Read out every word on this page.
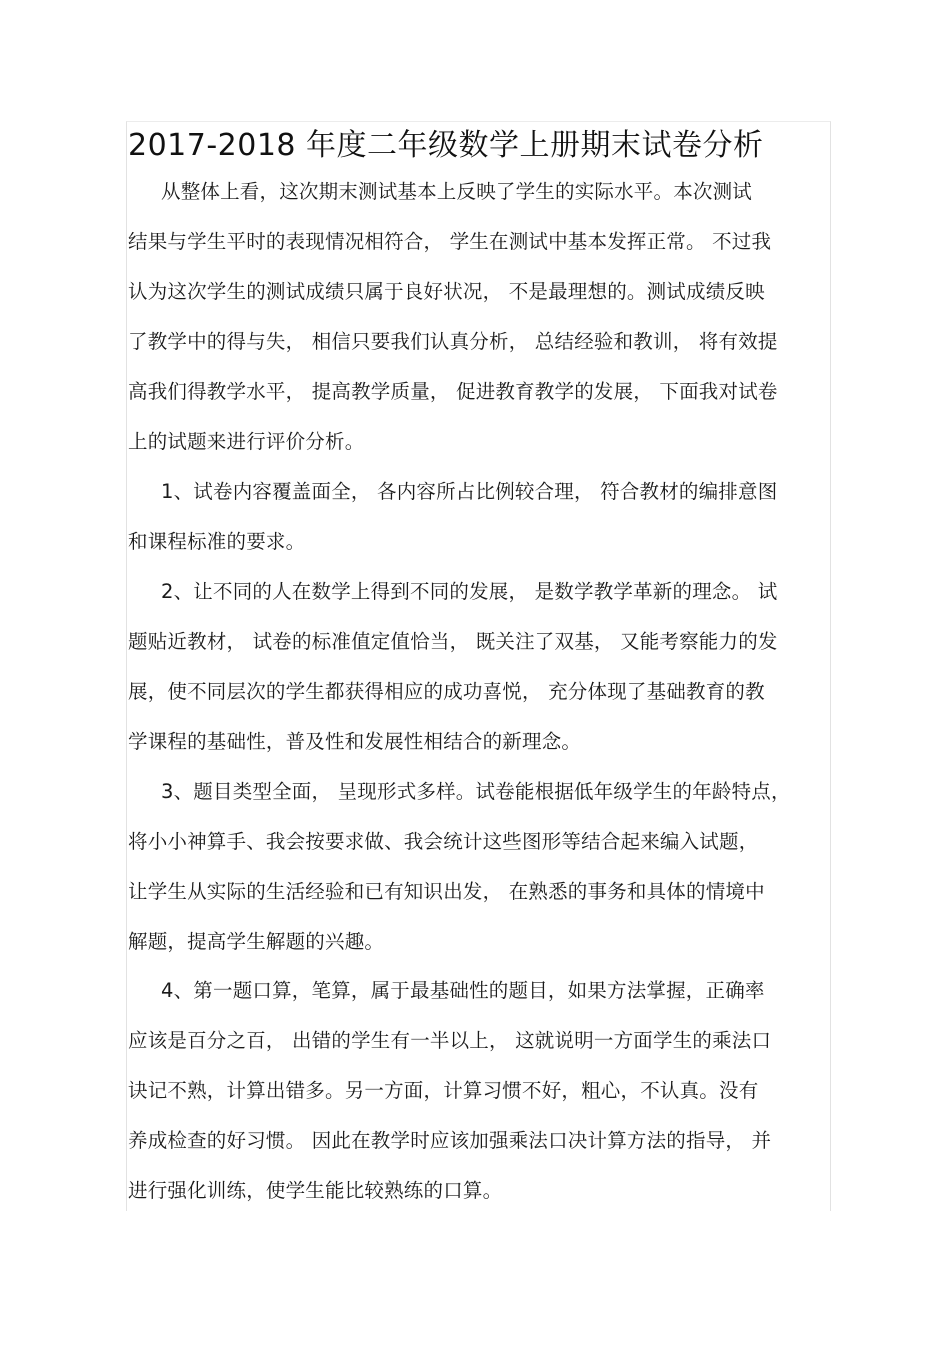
2017-2018 年度二年级数学上册期末试卷分析
从整体上看，这次期末测试基本上反映了学生的实际水平。本次测试
结果与学生平时的表现情况相符合， 学生在测试中基本发挥正常。 不过我
认为这次学生的测试成绩只属于良好状况， 不是最理想的。测试成绩反映
了教学中的得与失， 相信只要我们认真分析， 总结经验和教训， 将有效提
高我们得教学水平， 提高教学质量， 促进教育教学的发展， 下面我对试卷
上的试题来进行评价分析。
1、试卷内容覆盖面全， 各内容所占比例较合理， 符合教材的编排意图
和课程标准的要求。
2、让不同的人在数学上得到不同的发展， 是数学教学革新的理念。 试
题贴近教材， 试卷的标准值定值恰当， 既关注了双基， 又能考察能力的发
展，使不同层次的学生都获得相应的成功喜悦， 充分体现了基础教育的教
学课程的基础性，普及性和发展性相结合的新理念。
3、题目类型全面， 呈现形式多样。试卷能根据低年级学生的年龄特点，
将小小神算手、我会按要求做、我会统计这些图形等结合起来编入试题，
让学生从实际的生活经验和已有知识出发， 在熟悉的事务和具体的情境中
解题，提高学生解题的兴趣。
4、第一题口算，笔算，属于最基础性的题目，如果方法掌握，正确率
应该是百分之百， 出错的学生有一半以上， 这就说明一方面学生的乘法口
诀记不熟，计算出错多。另一方面，计算习惯不好，粗心，不认真。没有
养成检查的好习惯。 因此在教学时应该加强乘法口决计算方法的指导， 并
进行强化训练，使学生能比较熟练的口算。
